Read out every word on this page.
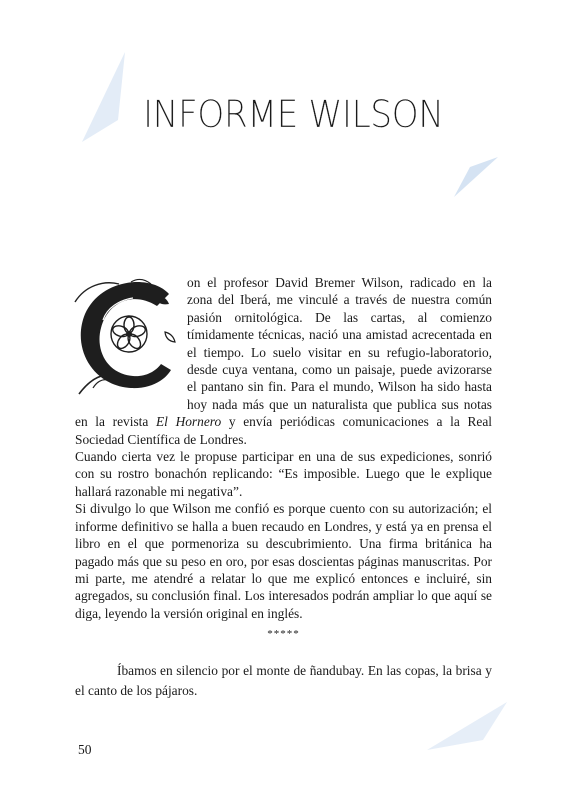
INFORME WILSON

on el profesor David Bremer Wilson, radicado en la zona del Iberá, me vinculé a través de nuestra común pasión ornitológica. De las cartas, al comienzo tímidamente técnicas, nació una amistad acrecentada en el tiempo. Lo suelo visitar en su refugio-laboratorio, desde cuya ventana, como un paisaje, puede avizorarse el pantano sin fin. Para el mundo, Wilson ha sido hasta hoy nada más que un naturalista que publica sus notas en la revista El Hornero y envía periódicas comunicaciones a la Real Sociedad Científica de Londres.

Cuando cierta vez le propuse participar en una de sus expediciones, sonrió con su rostro bonachón replicando: “Es imposible. Luego que le explique hallará razonable mi negativa”.

Si divulgo lo que Wilson me confió es porque cuento con su autorización; el informe definitivo se halla a buen recaudo en Londres, y está ya en prensa el libro en el que pormenoriza su descubrimiento. Una firma británica ha pagado más que su peso en oro, por esas doscientas páginas manuscritas. Por mi parte, me atendré a relatar lo que me explicó entonces e incluiré, sin agregados, su conclusión final. Los interesados podrán ampliar lo que aquí se diga, leyendo la versión original en inglés.

*****

Íbamos en silencio por el monte de ñandubay. En las copas, la brisa y el canto de los pájaros.

50
